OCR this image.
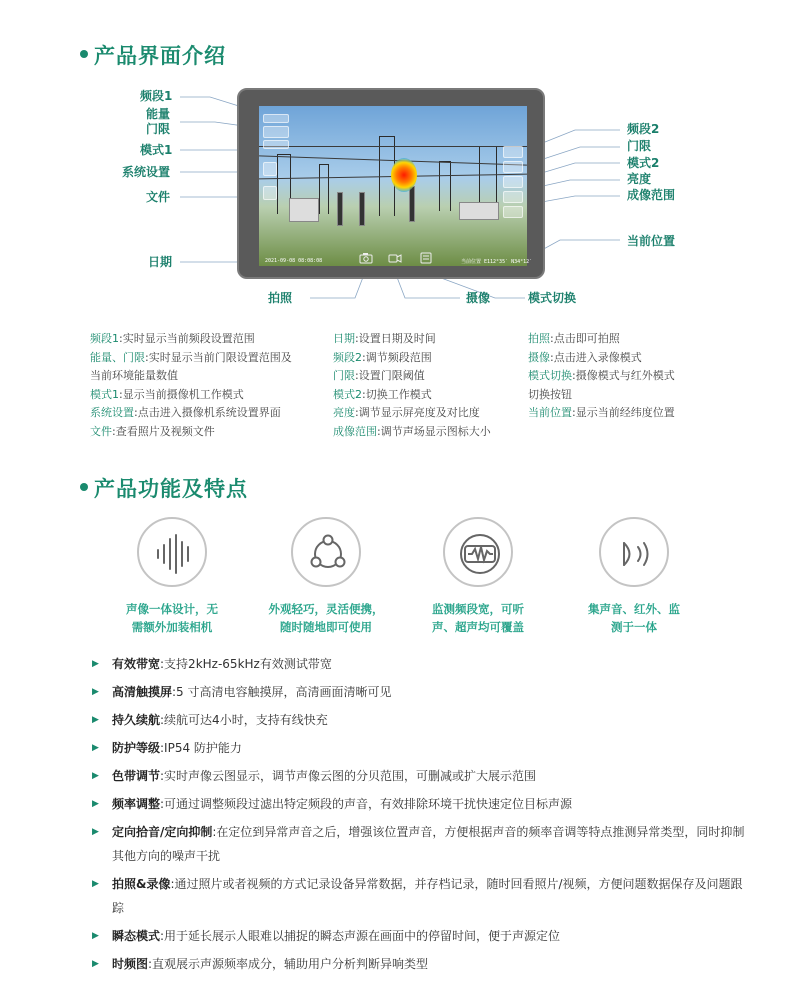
产品界面介绍
频段1
能量
门限
模式1
系统设置
文件
日期
频段2
门限
模式2
亮度
成像范围
当前位置
拍照	摄像	模式切换
2021-09-08 08:08:08	当前位置 E112°35′ N34°12′
频段1:实时显示当前频段设置范围
能量、门限:实时显示当前门限设置范围及
当前环境能量数值
模式1:显示当前摄像机工作模式
系统设置:点击进入摄像机系统设置界面
文件:查看照片及视频文件
日期:设置日期及时间
频段2:调节频段范围
门限:设置门限阈值
模式2:切换工作模式
亮度:调节显示屏亮度及对比度
成像范围:调节声场显示图标大小
拍照:点击即可拍照
摄像:点击进入录像模式
模式切换:摄像模式与红外模式
切换按钮
当前位置:显示当前经纬度位置
产品功能及特点
声像一体设计，无
需额外加装相机
外观轻巧，灵活便携，
随时随地即可使用
监测频段宽，可听
声、超声均可覆盖
集声音、红外、监
测于一体
▶ 有效带宽:支持2kHz-65kHz有效测试带宽
▶ 高清触摸屏:5 寸高清电容触摸屏，高清画面清晰可见
▶ 持久续航:续航可达4小时，支持有线快充
▶ 防护等级:IP54 防护能力
▶ 色带调节:实时声像云图显示，调节声像云图的分贝范围，可删减或扩大展示范围
▶ 频率调整:可通过调整频段过滤出特定频段的声音，有效排除环境干扰快速定位目标声源
▶ 定向拾音/定向抑制:在定位到异常声音之后，增强该位置声音，方便根据声音的频率音调等特点推测异常类型，同时抑制其他方向的噪声干扰
▶ 拍照&录像:通过照片或者视频的方式记录设备异常数据，并存档记录，随时回看照片/视频，方便问题数据保存及问题跟踪
▶ 瞬态模式:用于延长展示人眼难以捕捉的瞬态声源在画面中的停留时间，便于声源定位
▶ 时频图:直观展示声源频率成分，辅助用户分析判断异响类型
